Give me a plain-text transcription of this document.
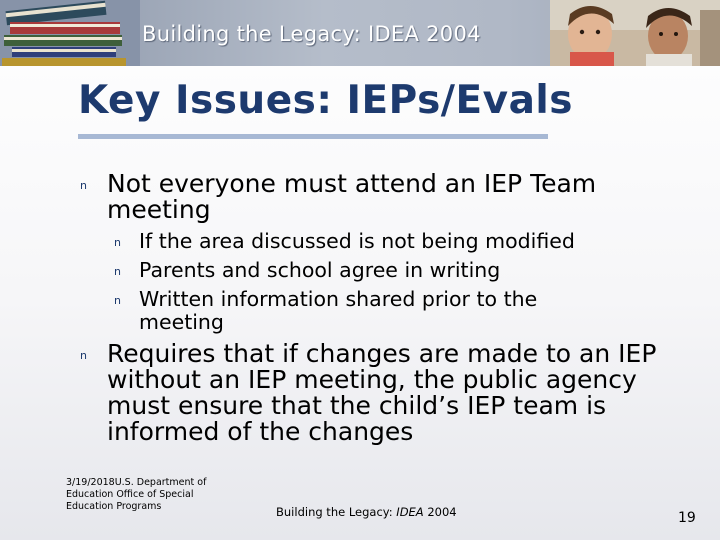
Building the Legacy: IDEA 2004
Key Issues: IEPs/Evals
n Not everyone must attend an IEP Team meeting
n If the area discussed is not being modified
n Parents and school agree in writing
n Written information shared prior to the meeting
n Requires that if changes are made to an IEP without an IEP meeting, the public agency must ensure that the child’s IEP team is informed of the changes
3/19/2018U.S. Department of Education Office of Special Education Programs	Building the Legacy: IDEA 2004	19
